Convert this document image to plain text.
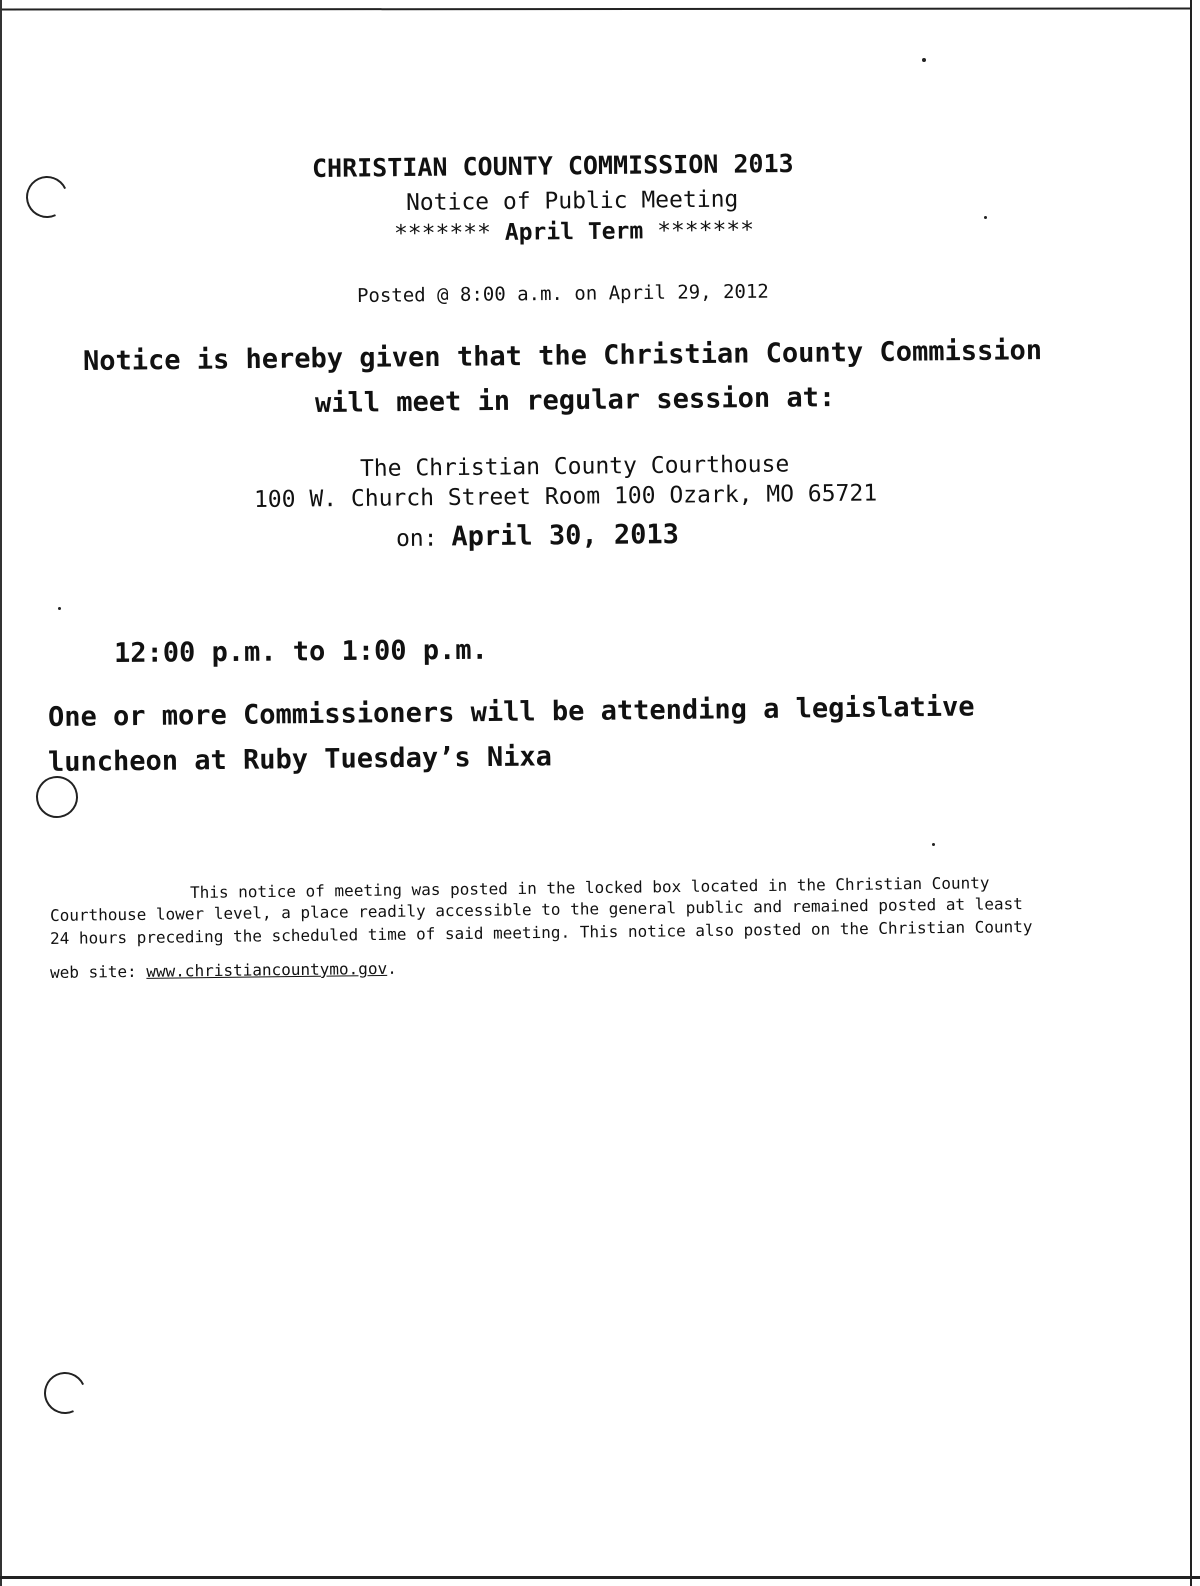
CHRISTIAN COUNTY COMMISSION 2013
Notice of Public Meeting
******* April Term *******
Posted @ 8:00 a.m. on April 29, 2012
Notice is hereby given that the Christian County Commission
will meet in regular session at:
The Christian County Courthouse
100 W. Church Street Room 100 Ozark, MO 65721
on: April 30, 2013
12:00 p.m. to 1:00 p.m.
One or more Commissioners will be attending a legislative
luncheon at Ruby Tuesday’s Nixa
This notice of meeting was posted in the locked box located in the Christian County
Courthouse lower level, a place readily accessible to the general public and remained posted at least
24 hours preceding the scheduled time of said meeting. This notice also posted on the Christian County
web site: www.christiancountymo.gov.
